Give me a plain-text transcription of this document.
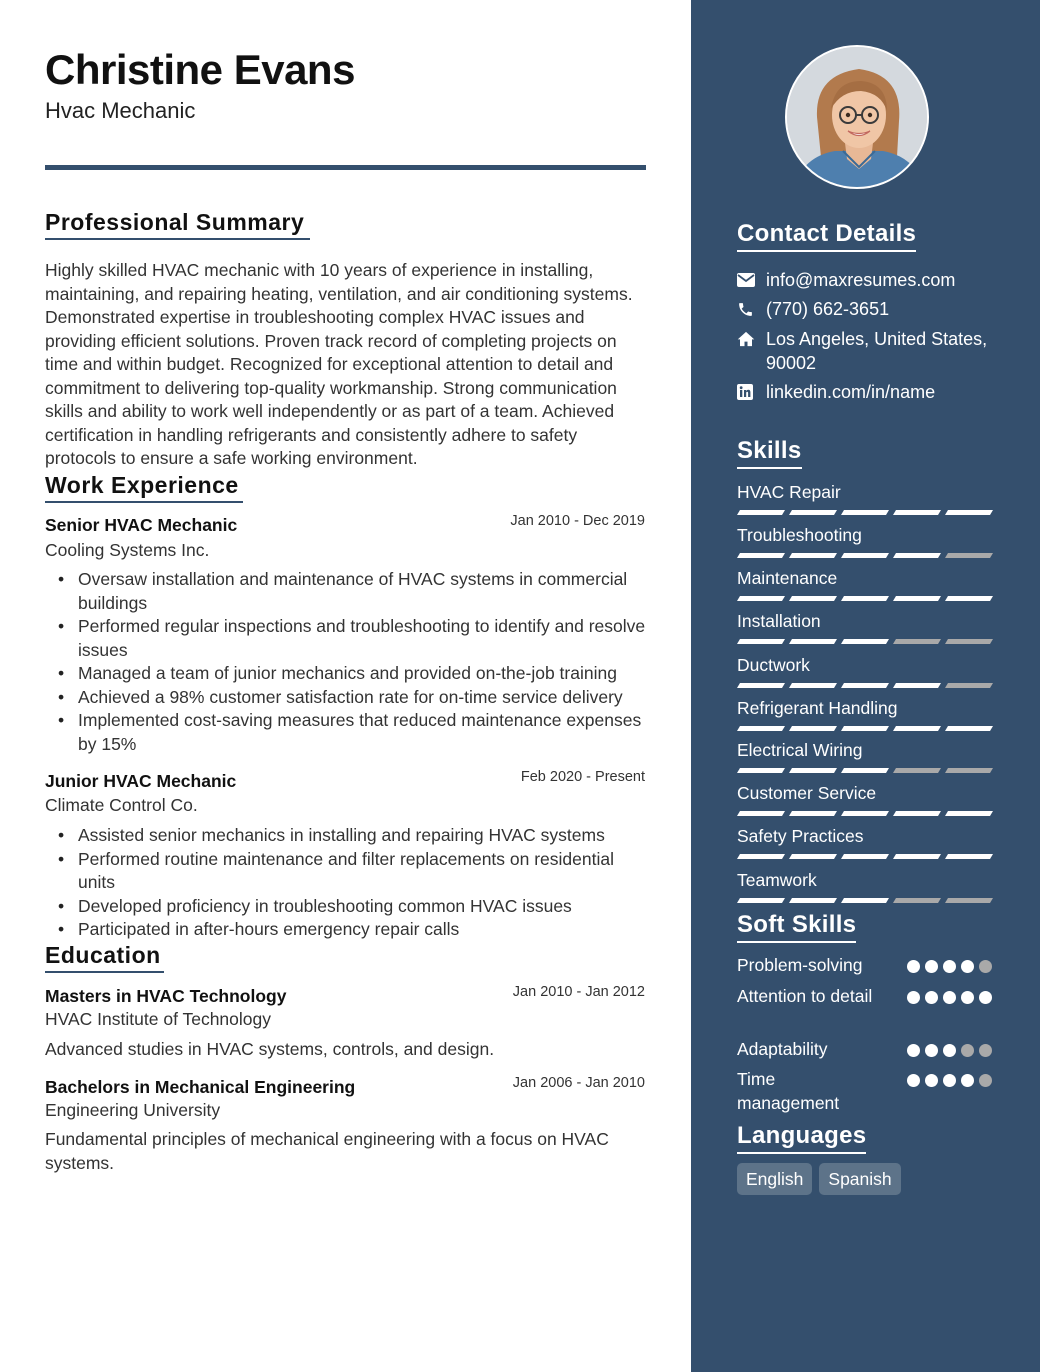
Christine Evans
Hvac Mechanic
Professional Summary
Highly skilled HVAC mechanic with 10 years of experience in installing, maintaining, and repairing heating, ventilation, and air conditioning systems. Demonstrated expertise in troubleshooting complex HVAC issues and providing efficient solutions. Proven track record of completing projects on time and within budget. Recognized for exceptional attention to detail and commitment to delivering top-quality workmanship. Strong communication skills and ability to work well independently or as part of a team. Achieved certification in handling refrigerants and consistently adhere to safety protocols to ensure a safe working environment.
Work Experience
Senior HVAC Mechanic	Jan 2010 - Dec 2019
Cooling Systems Inc.
• Oversaw installation and maintenance of HVAC systems in commercial buildings
• Performed regular inspections and troubleshooting to identify and resolve issues
• Managed a team of junior mechanics and provided on-the-job training
• Achieved a 98% customer satisfaction rate for on-time service delivery
• Implemented cost-saving measures that reduced maintenance expenses by 15%
Junior HVAC Mechanic	Feb 2020 - Present
Climate Control Co.
• Assisted senior mechanics in installing and repairing HVAC systems
• Performed routine maintenance and filter replacements on residential units
• Developed proficiency in troubleshooting common HVAC issues
• Participated in after-hours emergency repair calls
Education
Masters in HVAC Technology	Jan 2010 - Jan 2012
HVAC Institute of Technology
Advanced studies in HVAC systems, controls, and design.
Bachelors in Mechanical Engineering	Jan 2006 - Jan 2010
Engineering University
Fundamental principles of mechanical engineering with a focus on HVAC systems.
Contact Details
info@maxresumes.com
(770) 662-3651
Los Angeles, United States, 90002
linkedin.com/in/name
Skills
HVAC Repair
Troubleshooting
Maintenance
Installation
Ductwork
Refrigerant Handling
Electrical Wiring
Customer Service
Safety Practices
Teamwork
Soft Skills
Problem-solving
Attention to detail
Adaptability
Time management
Languages
English	Spanish
